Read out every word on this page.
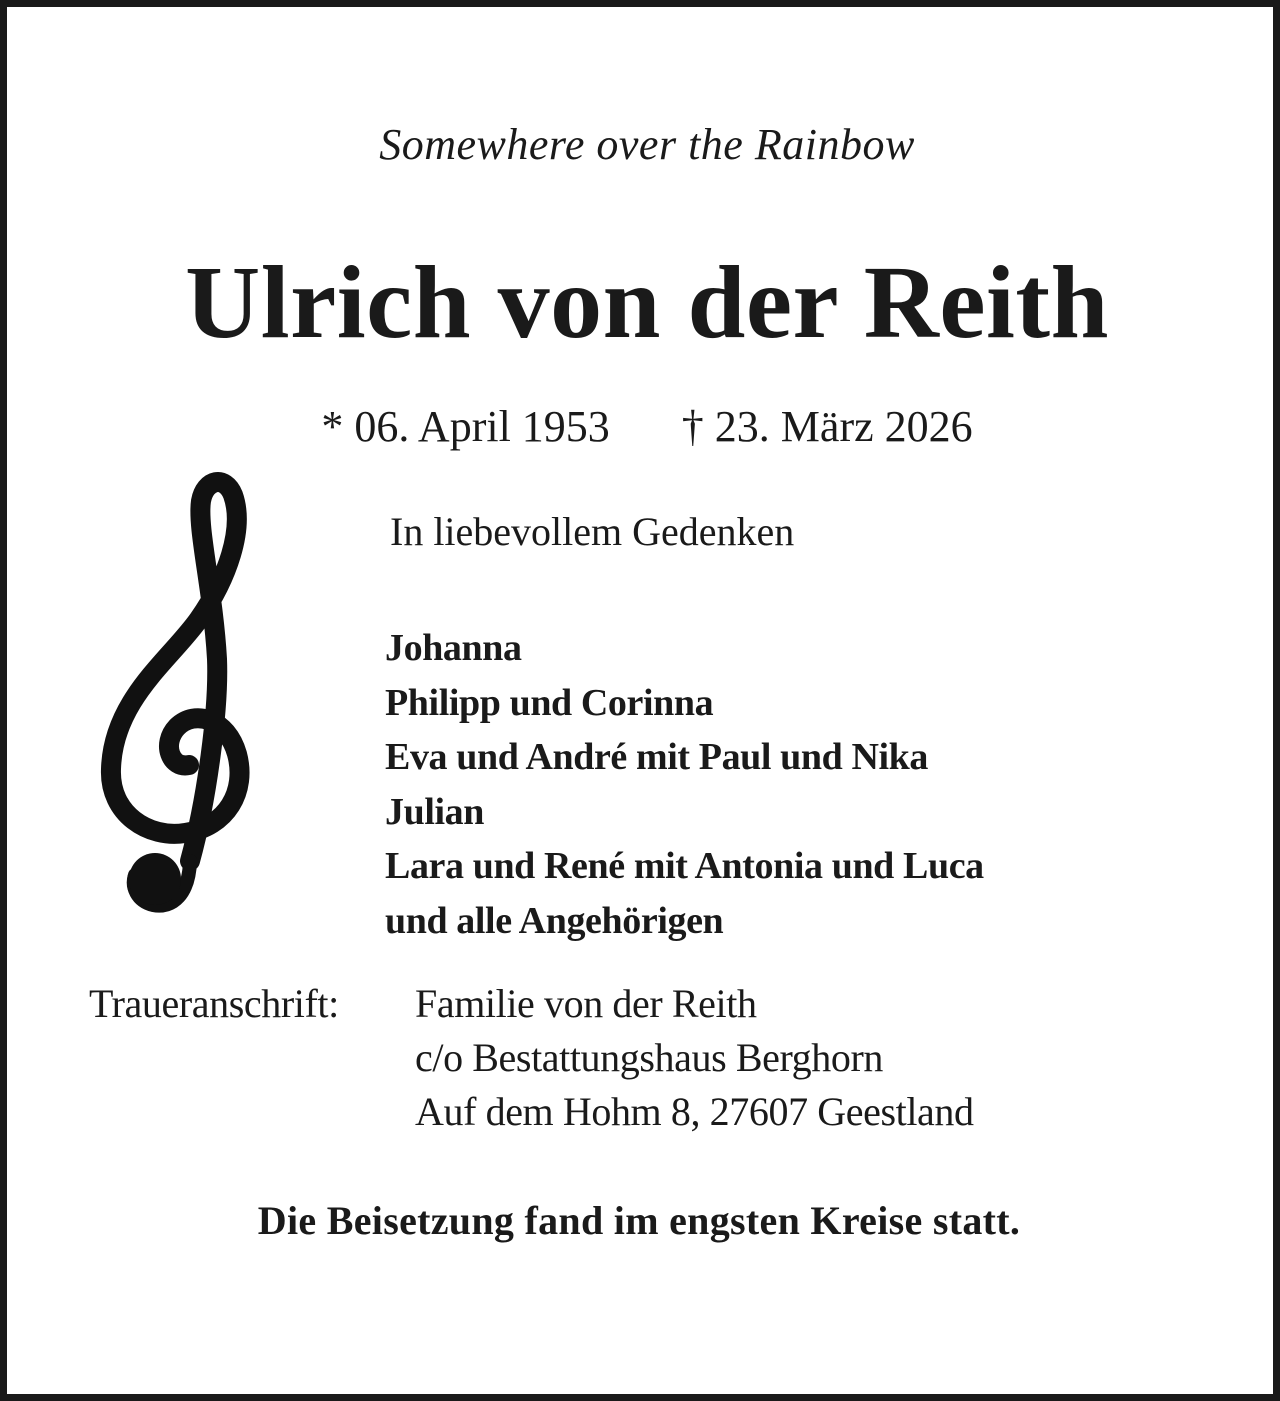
Somewhere over the Rainbow
Ulrich von der Reith
* 06. April 1953 † 23. März 2026
In liebevollem Gedenken
Johanna
Philipp und Corinna
Eva und André mit Paul und Nika
Julian
Lara und René mit Antonia und Luca
und alle Angehörigen
Traueranschrift: Familie von der Reith
c/o Bestattungshaus Berghorn
Auf dem Hohm 8, 27607 Geestland
Die Beisetzung fand im engsten Kreise statt.
